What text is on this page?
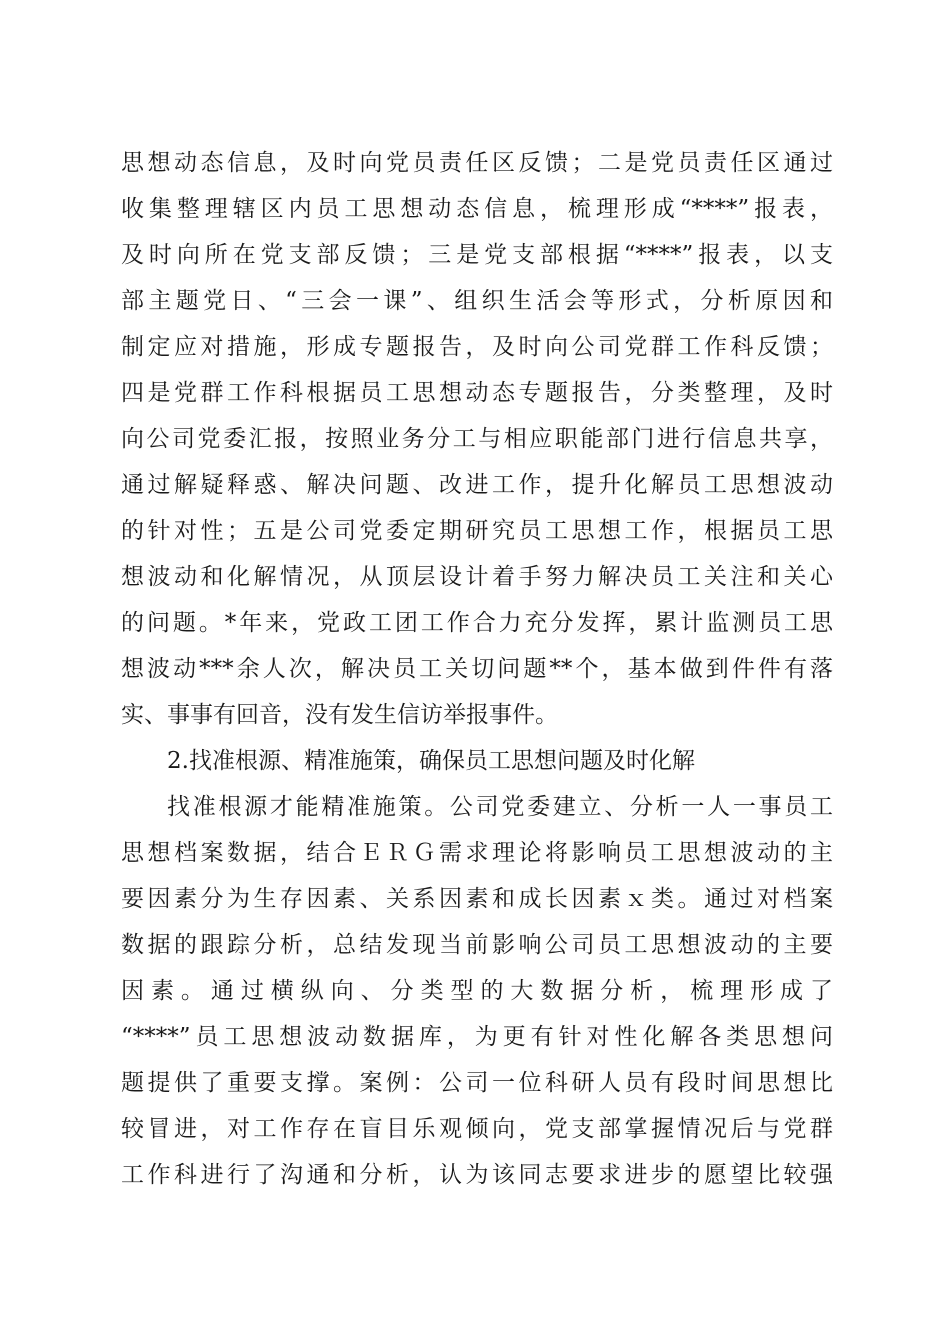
思想动态信息，及时向党员责任区反馈；二是党员责任区通过
收集整理辖区内员工思想动态信息，梳理形成“****”报表，
及时向所在党支部反馈；三是党支部根据“****”报表，以支
部主题党日、“三会一课”、组织生活会等形式，分析原因和
制定应对措施，形成专题报告，及时向公司党群工作科反馈；
四是党群工作科根据员工思想动态专题报告，分类整理，及时
向公司党委汇报，按照业务分工与相应职能部门进行信息共享，
通过解疑释惑、解决问题、改进工作，提升化解员工思想波动
的针对性；五是公司党委定期研究员工思想工作，根据员工思
想波动和化解情况，从顶层设计着手努力解决员工关注和关心
的问题。*年来，党政工团工作合力充分发挥，累计监测员工思
想波动***余人次，解决员工关切问题**个，基本做到件件有落
实、事事有回音，没有发生信访举报事件。
2.找准根源、精准施策，确保员工思想问题及时化解
找准根源才能精准施策。公司党委建立、分析一人一事员工
思想档案数据，结合ＥＲＧ需求理论将影响员工思想波动的主
要因素分为生存因素、关系因素和成长因素ｘ类。通过对档案
数据的跟踪分析，总结发现当前影响公司员工思想波动的主要
因素。通过横纵向、分类型的大数据分析，梳理形成了
“****”员工思想波动数据库，为更有针对性化解各类思想问
题提供了重要支撑。案例：公司一位科研人员有段时间思想比
较冒进，对工作存在盲目乐观倾向，党支部掌握情况后与党群
工作科进行了沟通和分析，认为该同志要求进步的愿望比较强
